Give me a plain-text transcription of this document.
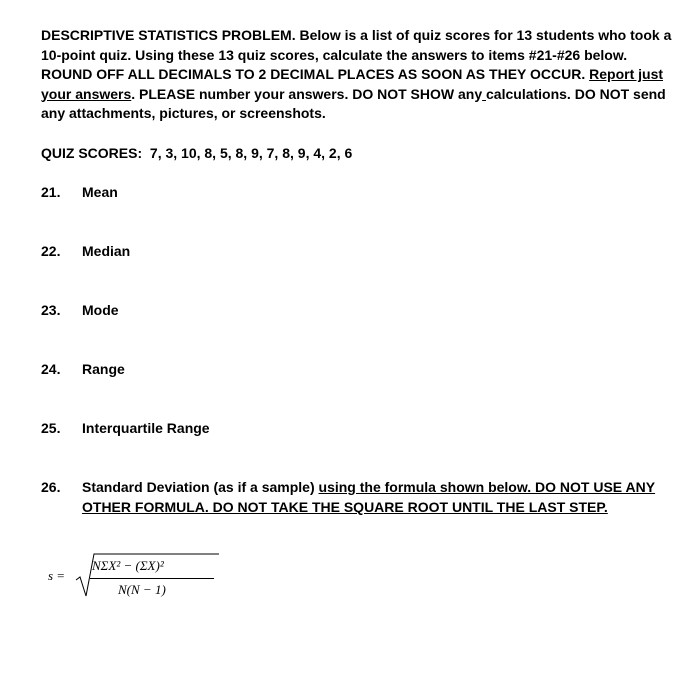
DESCRIPTIVE STATISTICS PROBLEM. Below is a list of quiz scores for 13 students who took a 10-point quiz. Using these 13 quiz scores, calculate the answers to items #21-#26 below. ROUND OFF ALL DECIMALS TO 2 DECIMAL PLACES AS SOON AS THEY OCCUR. Report just your answers. PLEASE number your answers. DO NOT SHOW any calculations. DO NOT send any attachments, pictures, or screenshots.
QUIZ SCORES: 7, 3, 10, 8, 5, 8, 9, 7, 8, 9, 4, 2, 6
21.	Mean
22.	Median
23.	Mode
24.	Range
25.	Interquartile Range
26.	Standard Deviation (as if a sample) using the formula shown below. DO NOT USE ANY OTHER FORMULA. DO NOT TAKE THE SQUARE ROOT UNTIL THE LAST STEP.
s =
NΣX² − (ΣX)²
N(N − 1)
